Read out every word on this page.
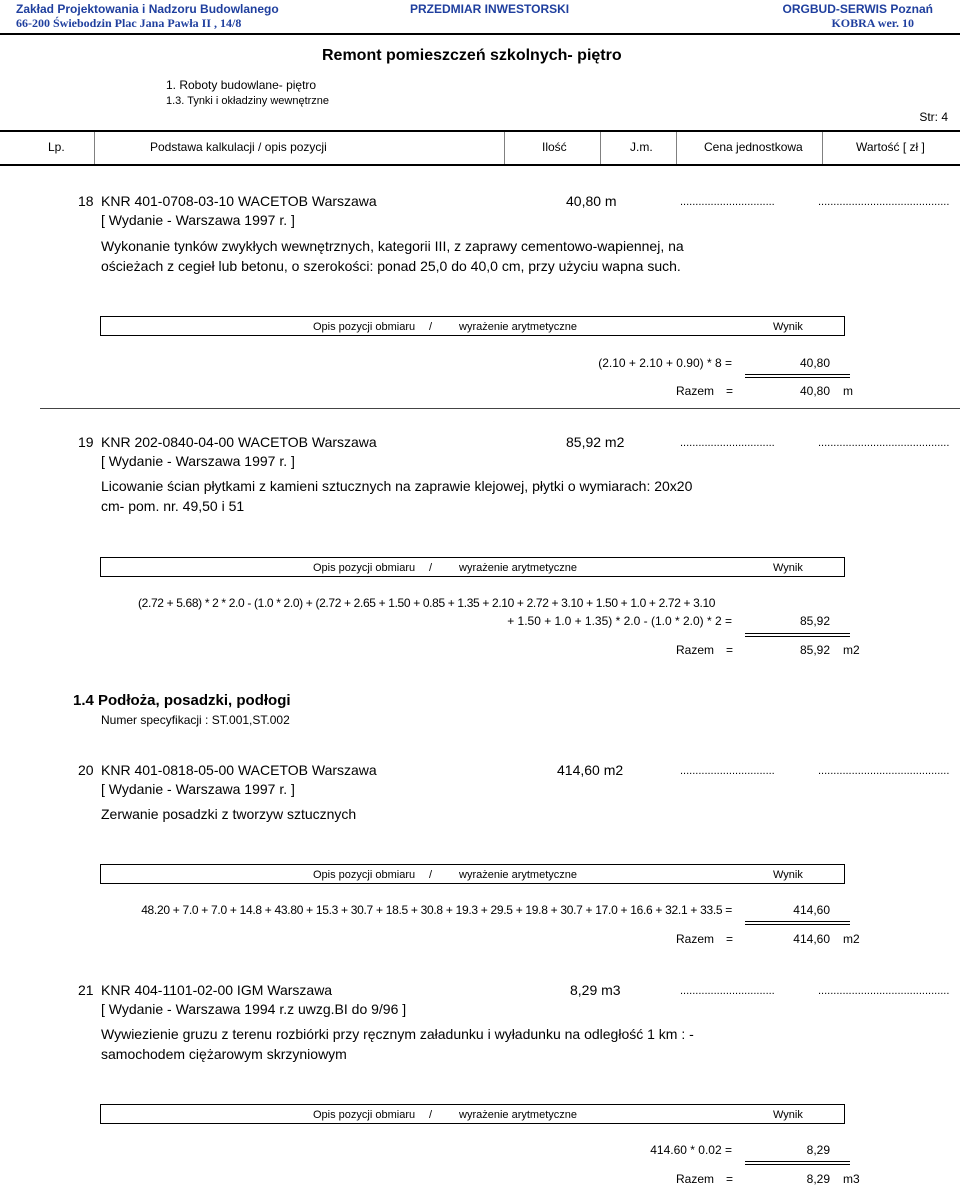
Zakład Projektowania i Nadzoru Budowlanego
66-200 Świebodzin Plac Jana Pawła II , 14/8
PRZEDMIAR INWESTORSKI	ORGBUD-SERWIS Poznań
KOBRA wer. 10
Remont pomieszczeń szkolnych- piętro
1. Roboty budowlane- piętro
1.3. Tynki i okładziny wewnętrzne
Str: 4
Lp.	Podstawa kalkulacji / opis pozycji	Ilość	J.m.	Cena jednostkowa	Wartość [ zł ]
18 KNR 401-0708-03-10 WACETOB Warszawa	40,80 m	...............................	...........................................
[ Wydanie - Warszawa 1997 r. ]
Wykonanie tynków zwykłych wewnętrznych, kategorii III, z zaprawy cementowo-wapiennej, na
ościeżach z cegieł lub betonu, o szerokości: ponad 25,0 do 40,0 cm, przy użyciu wapna such.
Opis pozycji obmiaru / wyrażenie arytmetyczne	Wynik
(2.10 + 2.10 + 0.90) * 8 =	40,80
Razem =	40,80 m
19 KNR 202-0840-04-00 WACETOB Warszawa	85,92 m2	...............................	...........................................
[ Wydanie - Warszawa 1997 r. ]
Licowanie ścian płytkami z kamieni sztucznych na zaprawie klejowej, płytki o wymiarach: 20x20
cm- pom. nr. 49,50 i 51
Opis pozycji obmiaru / wyrażenie arytmetyczne	Wynik
(2.72 + 5.68) * 2 * 2.0 - (1.0 * 2.0) + (2.72 + 2.65 + 1.50 + 0.85 + 1.35 + 2.10 + 2.72 + 3.10 + 1.50 + 1.0 + 2.72 + 3.10
+ 1.50 + 1.0 + 1.35) * 2.0 - (1.0 * 2.0) * 2 =	85,92
Razem =	85,92 m2
1.4 Podłoża, posadzki, podłogi
Numer specyfikacji : ST.001,ST.002
20 KNR 401-0818-05-00 WACETOB Warszawa	414,60 m2	...............................	...........................................
[ Wydanie - Warszawa 1997 r. ]
Zerwanie posadzki z tworzyw sztucznych
Opis pozycji obmiaru / wyrażenie arytmetyczne	Wynik
48.20 + 7.0 + 7.0 + 14.8 + 43.80 + 15.3 + 30.7 + 18.5 + 30.8 + 19.3 + 29.5 + 19.8 + 30.7 + 17.0 + 16.6 + 32.1 + 33.5 =	414,60
Razem =	414,60 m2
21 KNR 404-1101-02-00 IGM Warszawa	8,29 m3	...............................	...........................................
[ Wydanie - Warszawa 1994 r.z uwzg.BI do 9/96 ]
Wywiezienie gruzu z terenu rozbiórki przy ręcznym załadunku i wyładunku na odległość 1 km : -
samochodem ciężarowym skrzyniowym
Opis pozycji obmiaru / wyrażenie arytmetyczne	Wynik
414.60 * 0.02 =	8,29
Razem =	8,29 m3
